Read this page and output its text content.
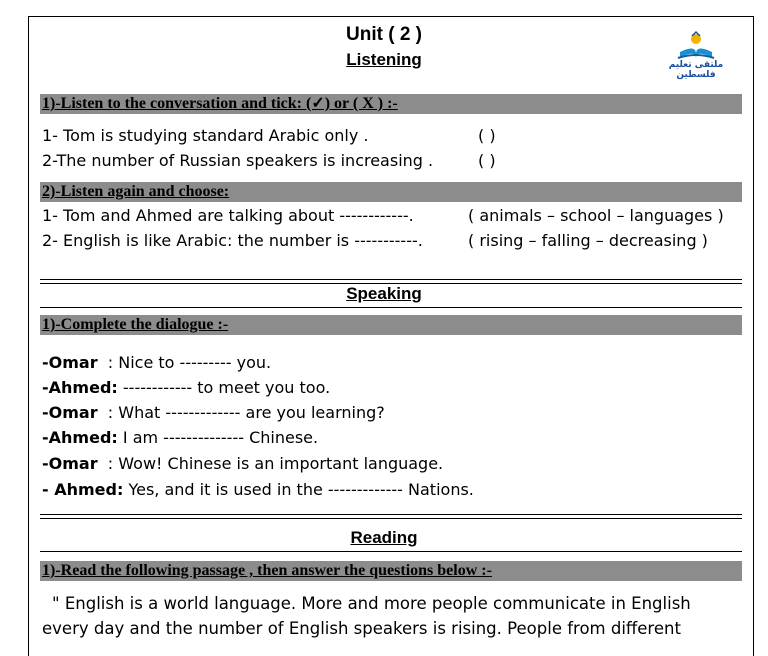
Unit ( 2 )
Listening	ملتقى تعليم فلسطين
1)-Listen to the conversation and tick: (✓) or ( X ) :-
1- Tom is studying standard Arabic only .	( )
2-The number of Russian speakers is increasing .	( )
2)-Listen again and choose:
1- Tom and Ahmed are talking about ------------.	( animals – school – languages )
2- English is like Arabic: the number is -----------.	( rising – falling – decreasing )
Speaking
1)-Complete the dialogue :-
-Omar  : Nice to --------- you.
-Ahmed: ------------ to meet you too.
-Omar  : What ------------- are you learning?
-Ahmed: I am -------------- Chinese.
-Omar  : Wow! Chinese is an important language.
- Ahmed: Yes, and it is used in the ------------- Nations.
Reading
1)-Read the following passage , then answer the questions below :-
" English is a world language. More and more people communicate in English
every day and the number of English speakers is rising. People from different
